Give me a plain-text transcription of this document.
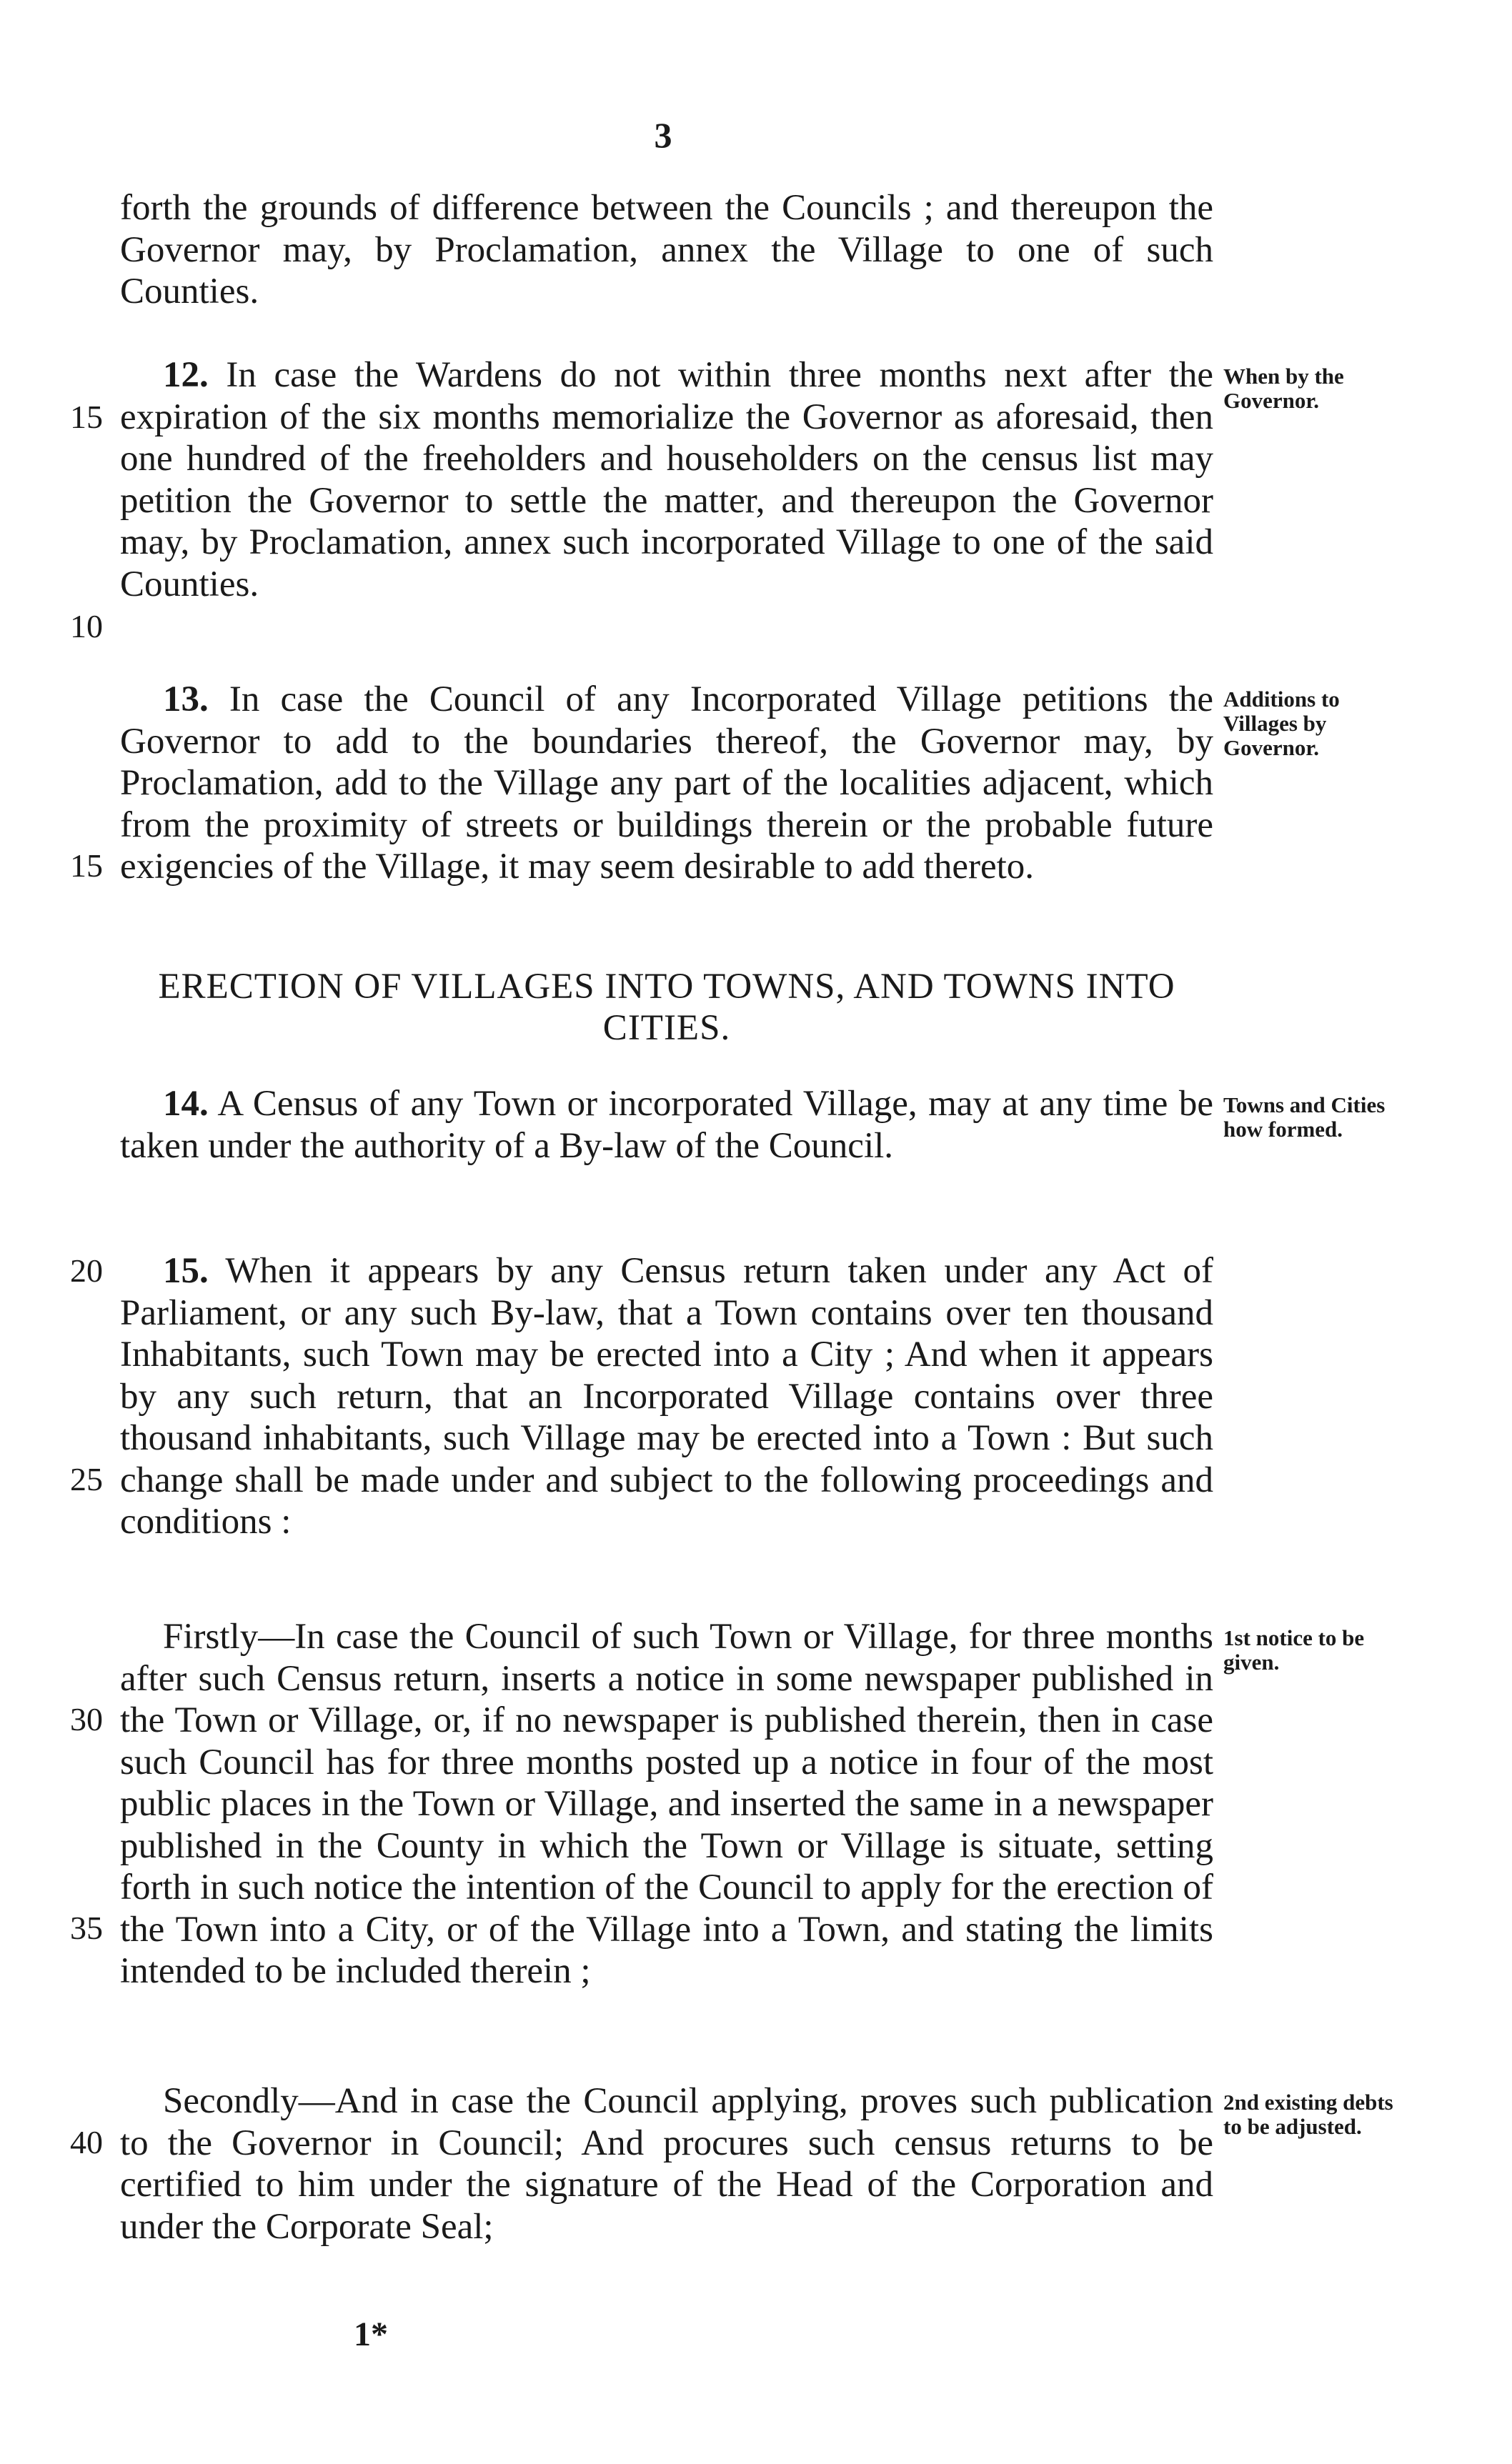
3

forth the grounds of difference between the Councils ; and thereupon the Governor may, by Proclamation, annex the Village to one of such Counties.

12. In case the Wardens do not within three months next after the expiration of the six months memorialize the Governor as aforesaid, then one hundred of the freeholders and householders on the census list may petition the Governor to settle the matter, and thereupon the Governor may, by Proclamation, annex such incorporated Village to one of the said Counties.

13. In case the Council of any Incorporated Village petitions the Governor to add to the boundaries thereof, the Governor may, by Proclamation, add to the Village any part of the localities adjacent, which from the proximity of streets or buildings therein or the probable future exigencies of the Village, it may seem desirable to add thereto.

ERECTION OF VILLAGES INTO TOWNS, AND TOWNS INTO CITIES.

14. A Census of any Town or incorporated Village, may at any time be taken under the authority of a By-law of the Council.

15. When it appears by any Census return taken under any Act of Parliament, or any such By-law, that a Town contains over ten thousand Inhabitants, such Town may be erected into a City ; And when it appears by any such return, that an Incorporated Village contains over three thousand inhabitants, such Village may be erected into a Town : But such change shall be made under and subject to the following proceedings and conditions :

Firstly—In case the Council of such Town or Village, for three months after such Census return, inserts a notice in some newspaper published in the Town or Village, or, if no newspaper is published therein, then in case such Council has for three months posted up a notice in four of the most public places in the Town or Village, and inserted the same in a newspaper published in the County in which the Town or Village is situate, setting forth in such notice the intention of the Council to apply for the erection of the Town into a City, or of the Village into a Town, and stating the limits intended to be included therein ;

Secondly—And in case the Council applying, proves such publication to the Governor in Council; And procures such census returns to be certified to him under the signature of the Head of the Corporation and under the Corporate Seal;

15
10
15
20
25
30
35
40
When by the Governor.
Additions to Villages by Governor.
Towns and Cities how formed.
1st notice to be given.
2nd existing debts to be adjusted.
1*
